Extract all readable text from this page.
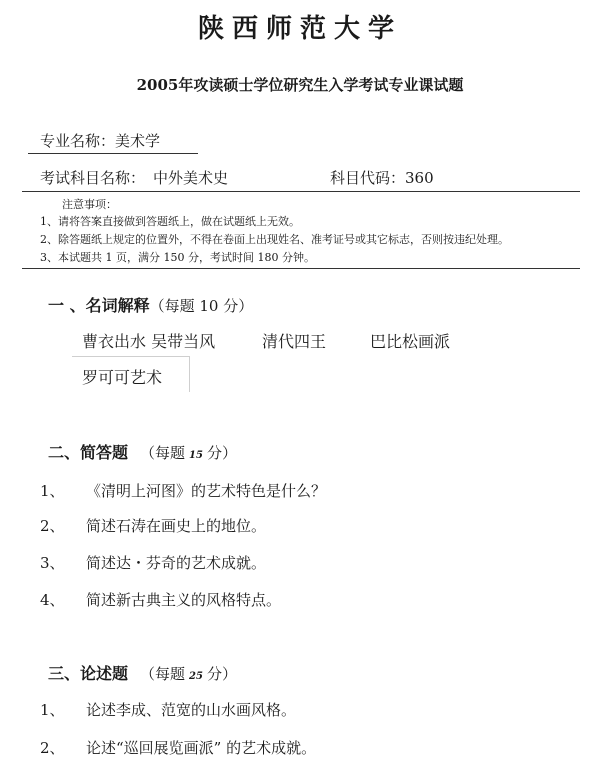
陕西师范大学
2005年攻读硕士学位研究生入学考试专业课试题
专业名称：美术学
考试科目名称： 中外美术史	科目代码：360
注意事项：
1、请将答案直接做到答题纸上，做在试题纸上无效。
2、除答题纸上规定的位置外，不得在卷面上出现姓名、准考证号或其它标志，否则按违纪处理。
3、本试题共 1 页，满分 150 分，考试时间 180 分钟。
一 、名词解释（每题 10 分）
曹衣出水 吴带当风	清代四王	巴比松画派
罗可可艺术
二、简答题 （每题 15 分）
1、 《清明上河图》的艺术特色是什么？
2、 简述石涛在画史上的地位。
3、 简述达・芬奇的艺术成就。
4、 简述新古典主义的风格特点。
三、论述题 （每题 25 分）
1、 论述李成、范宽的山水画风格。
2、 论述“巡回展览画派” 的艺术成就。
